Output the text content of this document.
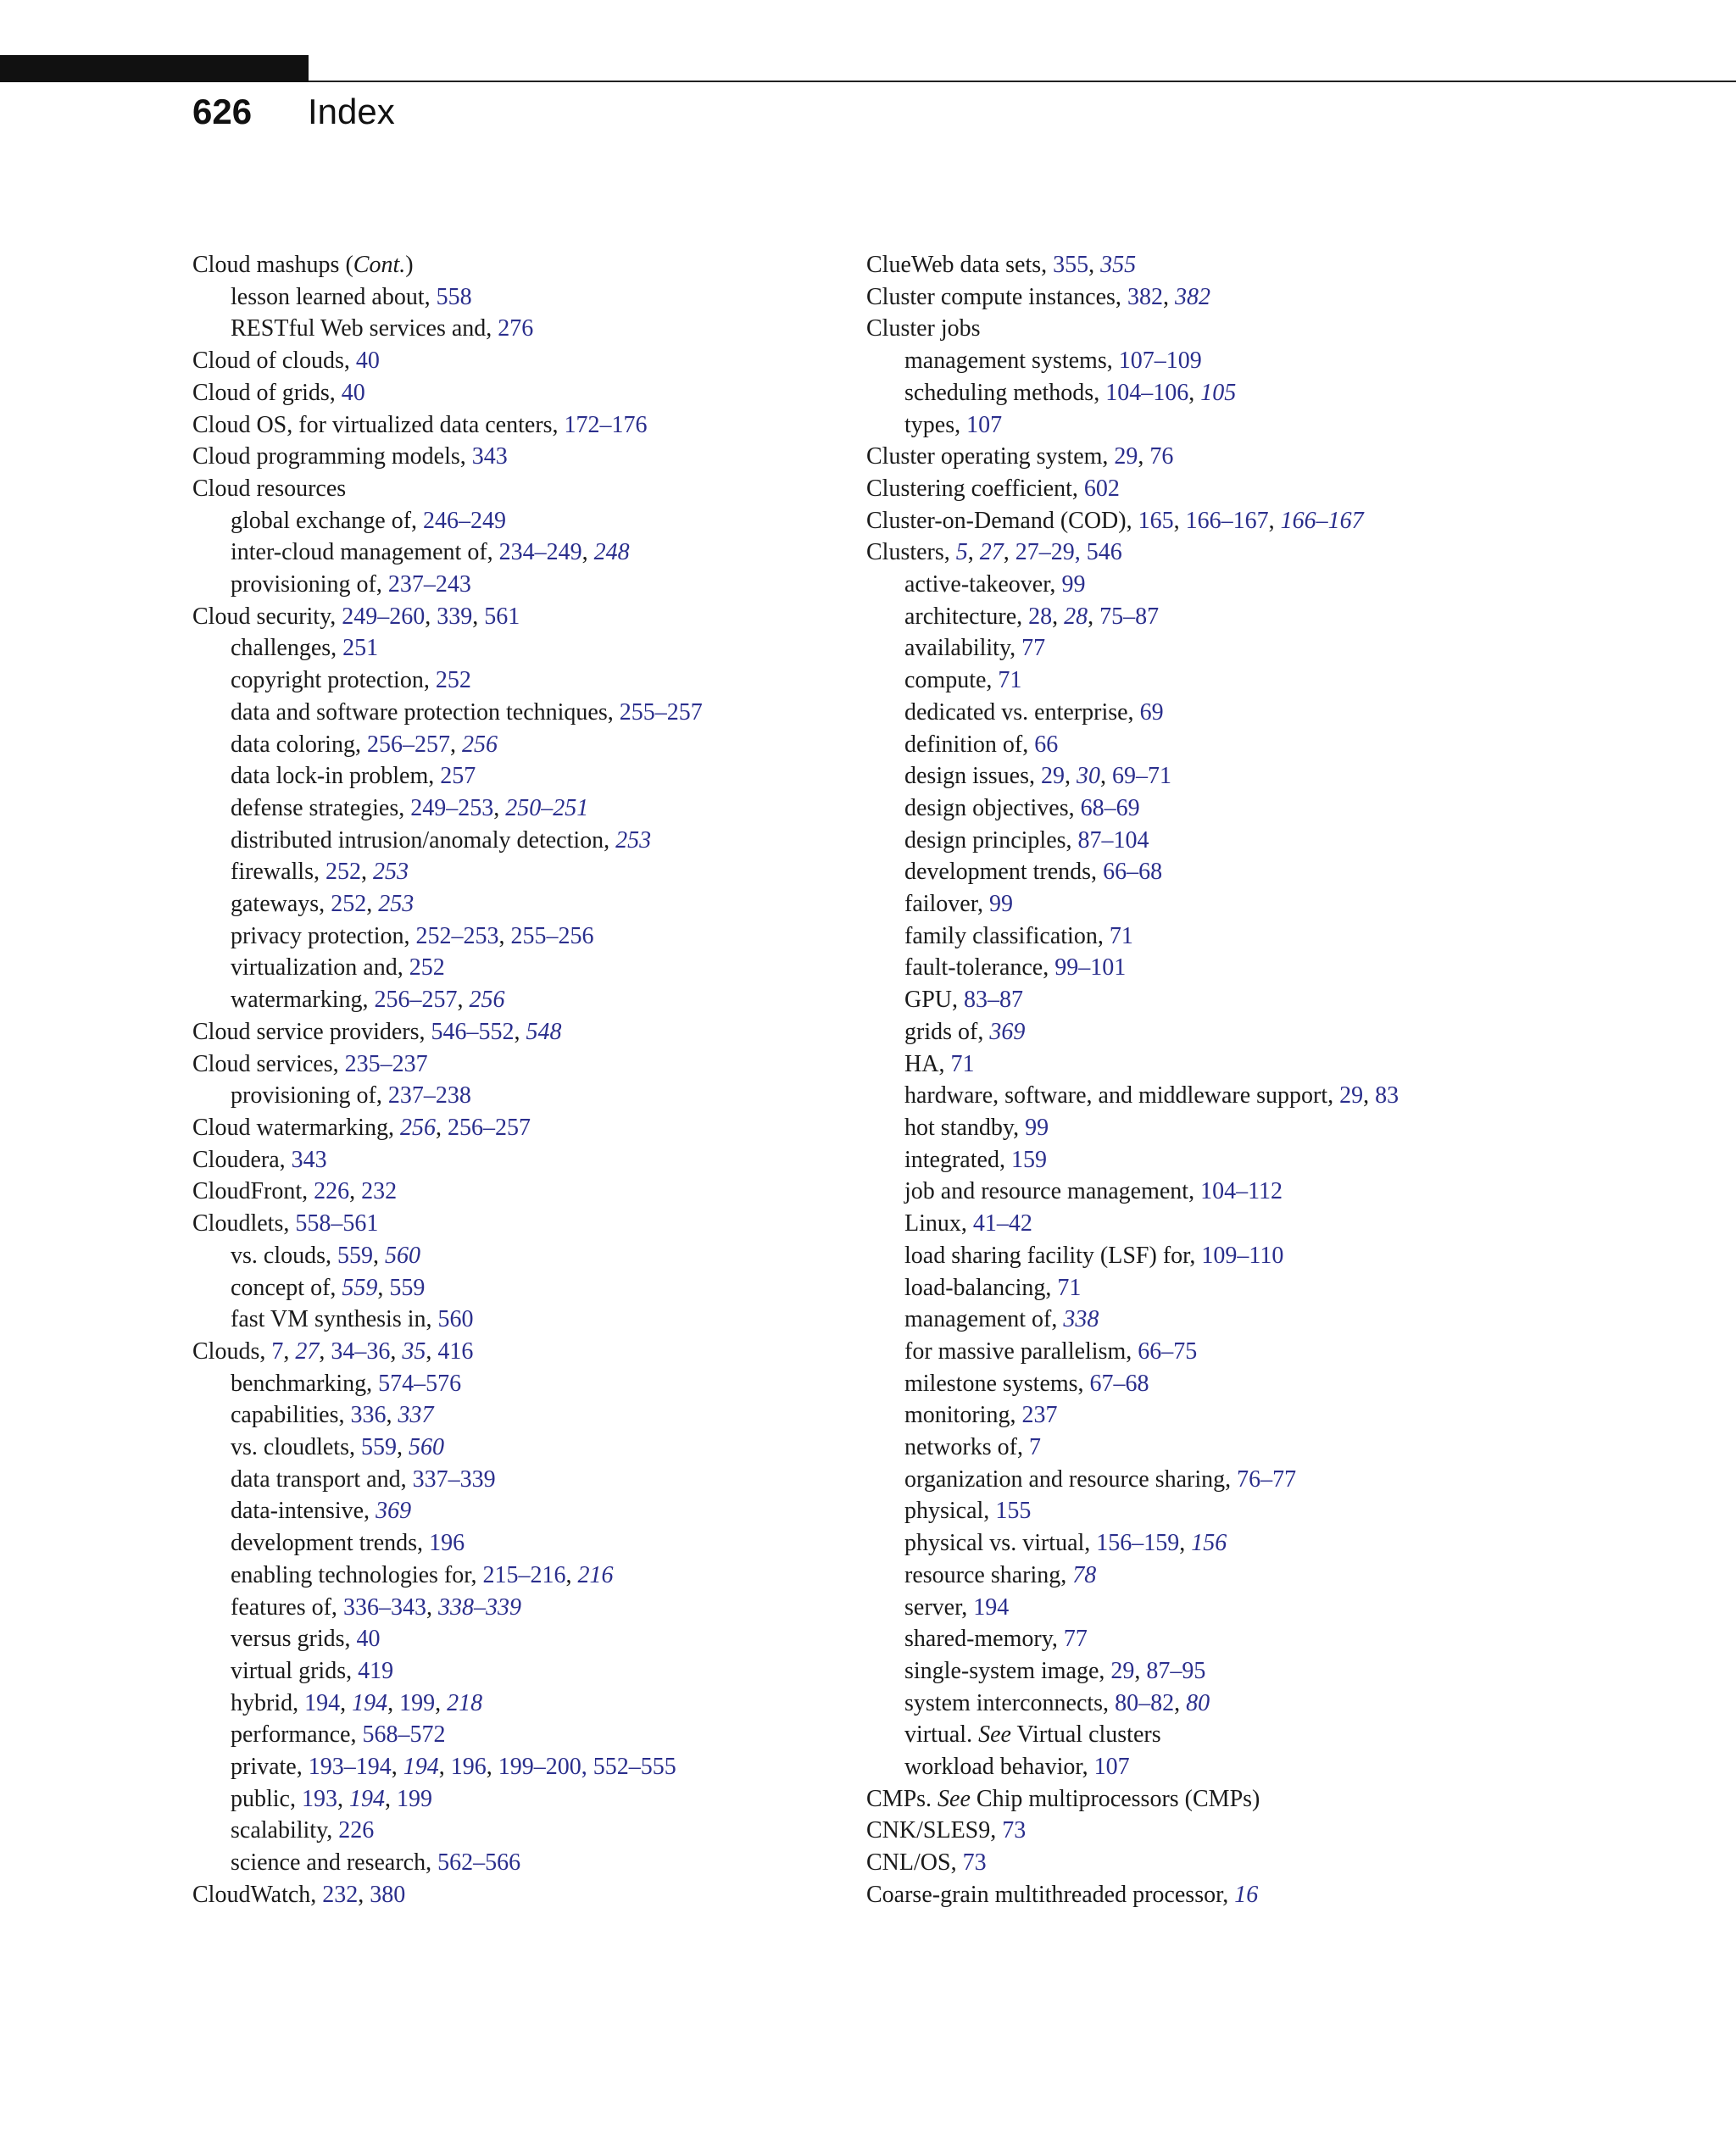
626 Index
Cloud mashups (Cont.)
lesson learned about, 558
RESTful Web services and, 276
Cloud of clouds, 40
Cloud of grids, 40
Cloud OS, for virtualized data centers, 172–176
Cloud programming models, 343
Cloud resources
global exchange of, 246–249
inter-cloud management of, 234–249, 248
provisioning of, 237–243
Cloud security, 249–260, 339, 561
challenges, 251
copyright protection, 252
data and software protection techniques, 255–257
data coloring, 256–257, 256
data lock-in problem, 257
defense strategies, 249–253, 250–251
distributed intrusion/anomaly detection, 253
firewalls, 252, 253
gateways, 252, 253
privacy protection, 252–253, 255–256
virtualization and, 252
watermarking, 256–257, 256
Cloud service providers, 546–552, 548
Cloud services, 235–237
provisioning of, 237–238
Cloud watermarking, 256, 256–257
Cloudera, 343
CloudFront, 226, 232
Cloudlets, 558–561
vs. clouds, 559, 560
concept of, 559, 559
fast VM synthesis in, 560
Clouds, 7, 27, 34–36, 35, 416
benchmarking, 574–576
capabilities, 336, 337
vs. cloudlets, 559, 560
data transport and, 337–339
data-intensive, 369
development trends, 196
enabling technologies for, 215–216, 216
features of, 336–343, 338–339
versus grids, 40
virtual grids, 419
hybrid, 194, 194, 199, 218
performance, 568–572
private, 193–194, 194, 196, 199–200, 552–555
public, 193, 194, 199
scalability, 226
science and research, 562–566
CloudWatch, 232, 380
ClueWeb data sets, 355, 355
Cluster compute instances, 382, 382
Cluster jobs
management systems, 107–109
scheduling methods, 104–106, 105
types, 107
Cluster operating system, 29, 76
Clustering coefficient, 602
Cluster-on-Demand (COD), 165, 166–167, 166–167
Clusters, 5, 27, 27–29, 546
active-takeover, 99
architecture, 28, 28, 75–87
availability, 77
compute, 71
dedicated vs. enterprise, 69
definition of, 66
design issues, 29, 30, 69–71
design objectives, 68–69
design principles, 87–104
development trends, 66–68
failover, 99
family classification, 71
fault-tolerance, 99–101
GPU, 83–87
grids of, 369
HA, 71
hardware, software, and middleware support, 29, 83
hot standby, 99
integrated, 159
job and resource management, 104–112
Linux, 41–42
load sharing facility (LSF) for, 109–110
load-balancing, 71
management of, 338
for massive parallelism, 66–75
milestone systems, 67–68
monitoring, 237
networks of, 7
organization and resource sharing, 76–77
physical, 155
physical vs. virtual, 156–159, 156
resource sharing, 78
server, 194
shared-memory, 77
single-system image, 29, 87–95
system interconnects, 80–82, 80
virtual. See Virtual clusters
workload behavior, 107
CMPs. See Chip multiprocessors (CMPs)
CNK/SLES9, 73
CNL/OS, 73
Coarse-grain multithreaded processor, 16
